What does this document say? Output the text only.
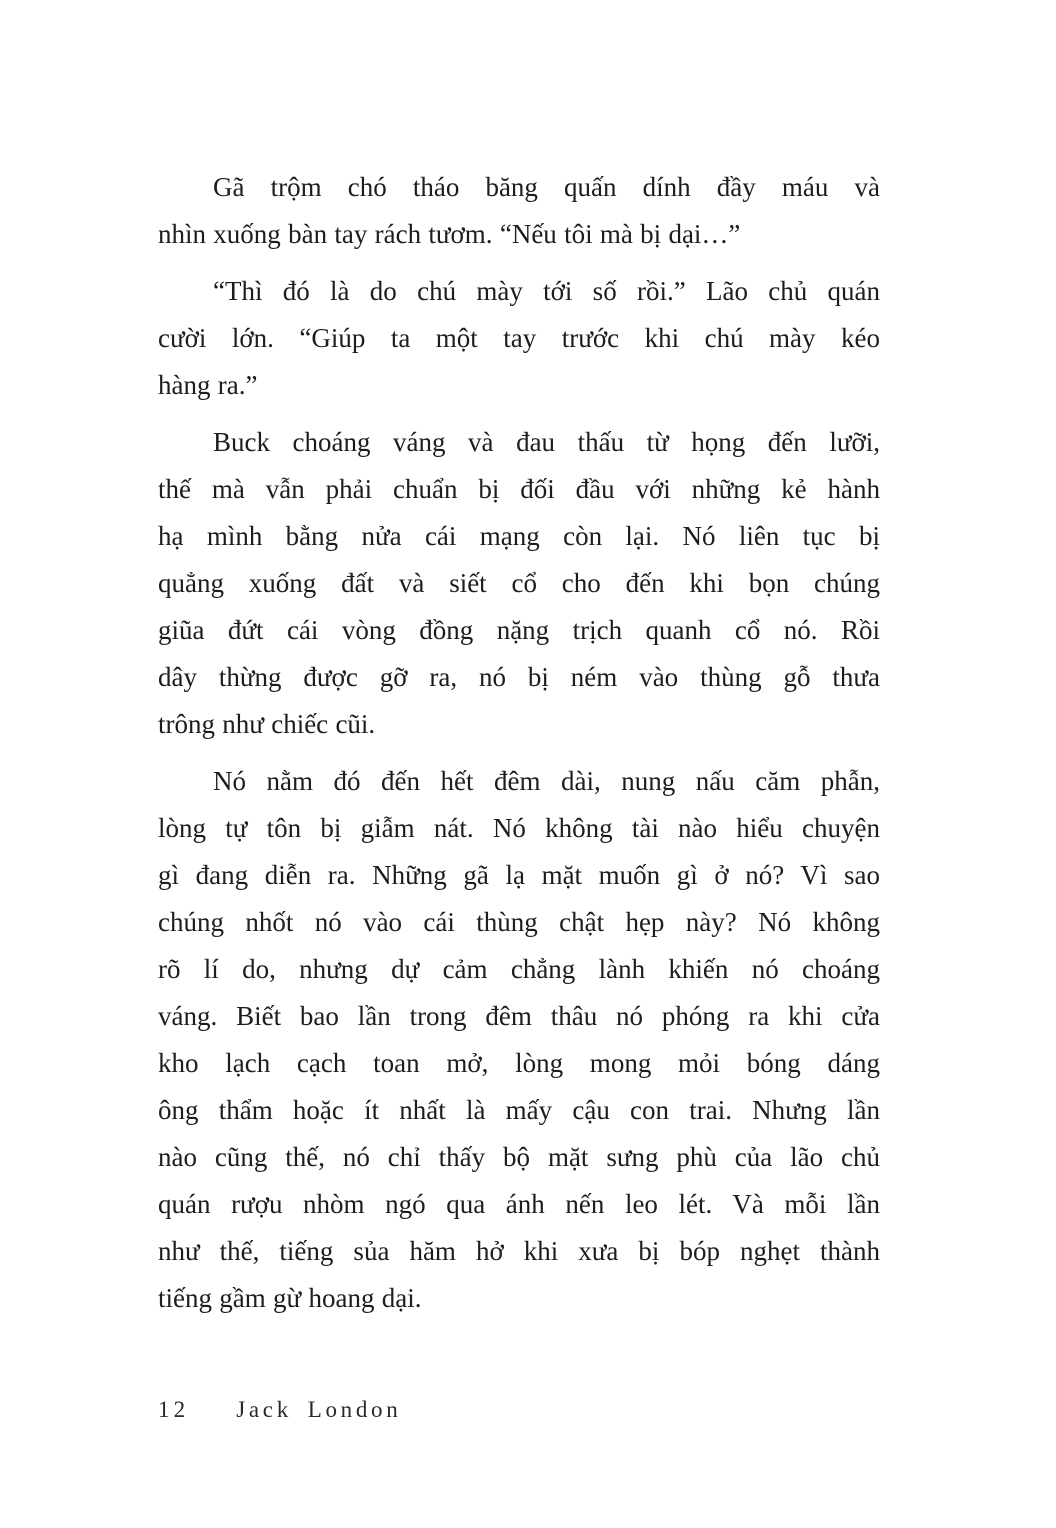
Gã trộm chó tháo băng quấn dính đầy máu và
nhìn xuống bàn tay rách tươm. “Nếu tôi mà bị dại…”

“Thì đó là do chú mày tới số rồi.” Lão chủ quán
cười lớn. “Giúp ta một tay trước khi chú mày kéo
hàng ra.”

Buck choáng váng và đau thấu từ họng đến lưỡi,
thế mà vẫn phải chuẩn bị đối đầu với những kẻ hành
hạ mình bằng nửa cái mạng còn lại. Nó liên tục bị
quẳng xuống đất và siết cổ cho đến khi bọn chúng
giũa đứt cái vòng đồng nặng trịch quanh cổ nó. Rồi
dây thừng được gỡ ra, nó bị ném vào thùng gỗ thưa
trông như chiếc cũi.

Nó nằm đó đến hết đêm dài, nung nấu căm phẫn,
lòng tự tôn bị giẫm nát. Nó không tài nào hiểu chuyện
gì đang diễn ra. Những gã lạ mặt muốn gì ở nó? Vì sao
chúng nhốt nó vào cái thùng chật hẹp này? Nó không
rõ lí do, nhưng dự cảm chẳng lành khiến nó choáng
váng. Biết bao lần trong đêm thâu nó phóng ra khi cửa
kho lạch cạch toan mở, lòng mong mỏi bóng dáng
ông thẩm hoặc ít nhất là mấy cậu con trai. Nhưng lần
nào cũng thế, nó chỉ thấy bộ mặt sưng phù của lão chủ
quán rượu nhòm ngó qua ánh nến leo lét. Và mỗi lần
như thế, tiếng sủa hăm hở khi xưa bị bóp nghẹt thành
tiếng gầm gừ hoang dại.

12 Jack London
